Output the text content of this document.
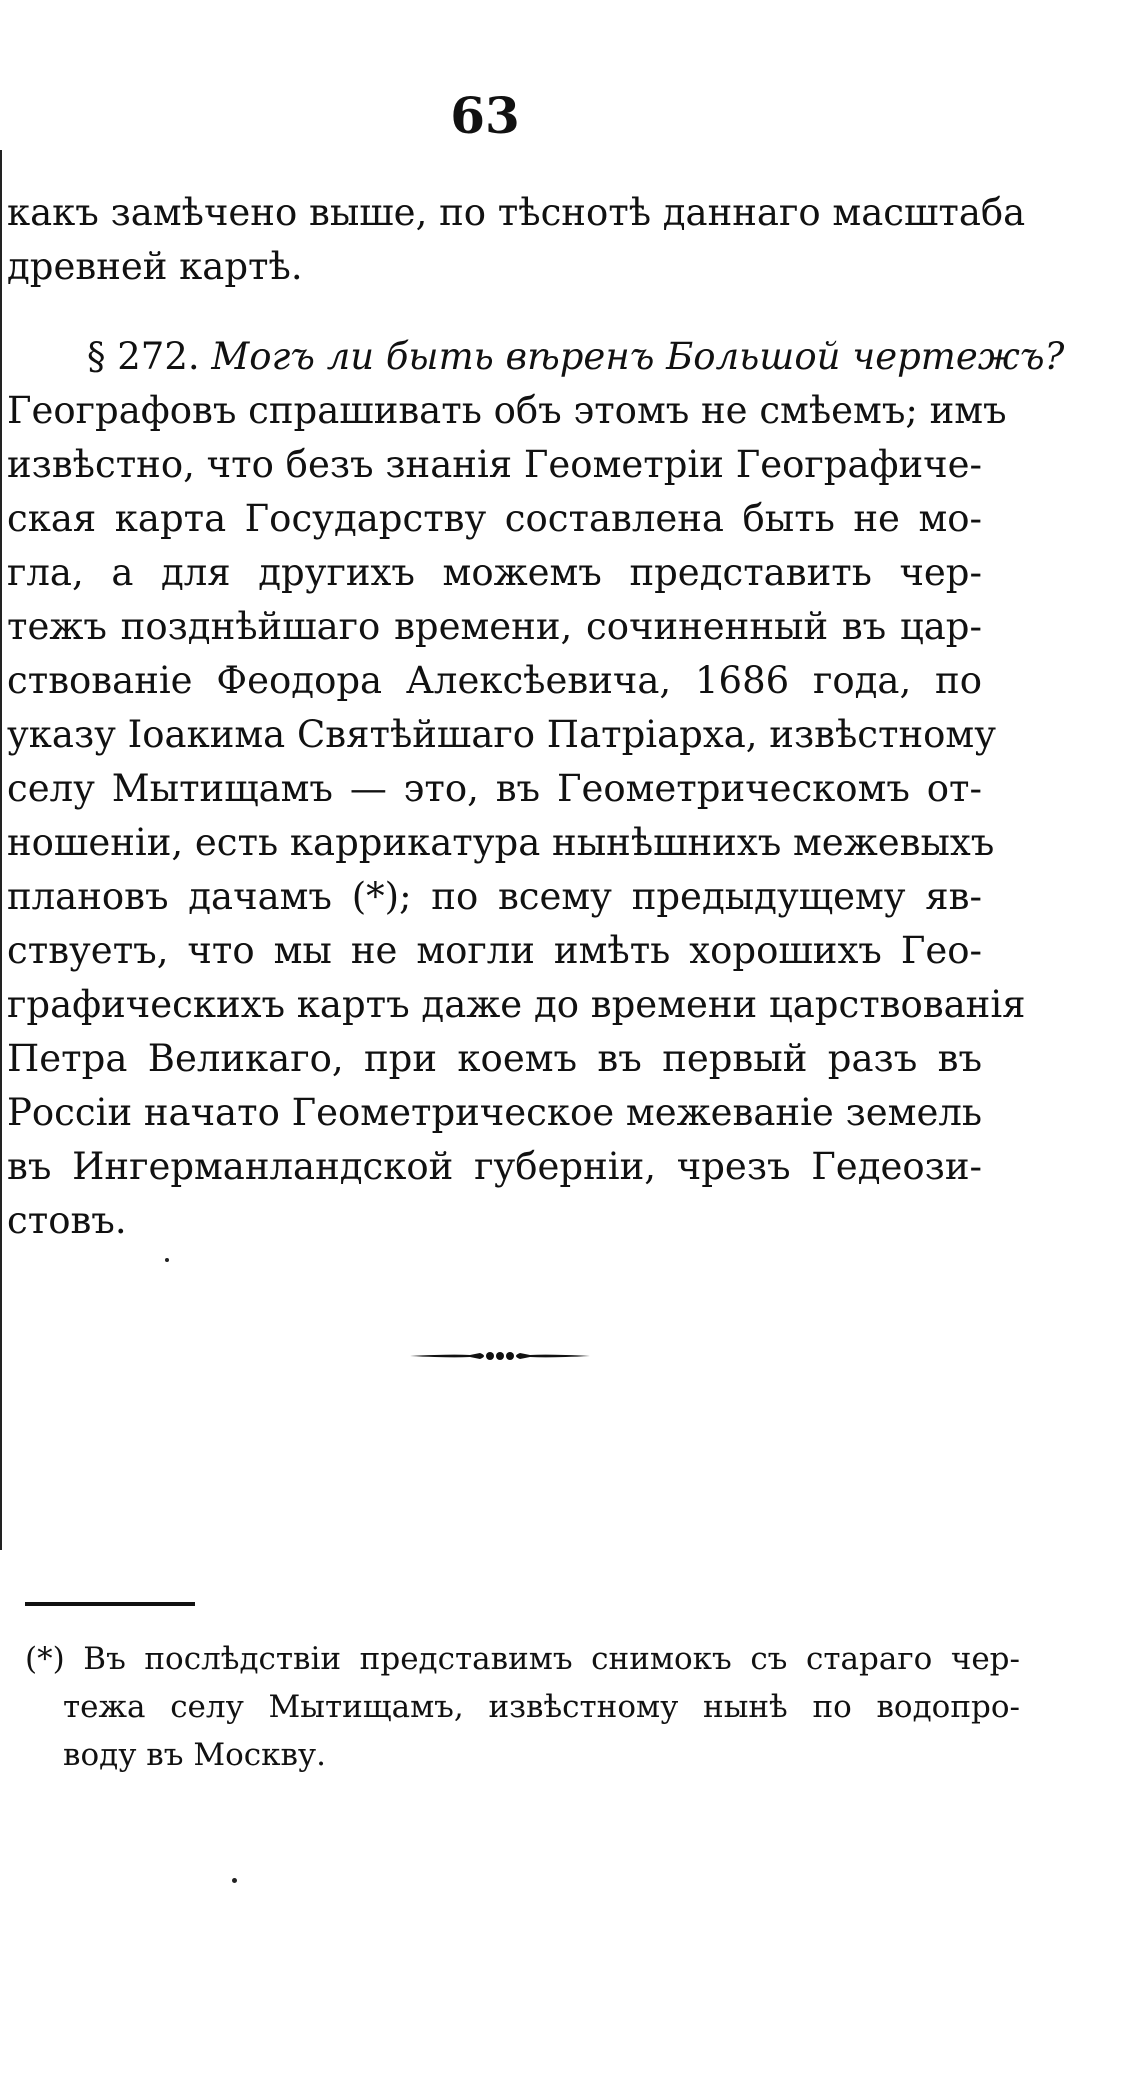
63
какъ замѣчено выше, по тѣснотѣ даннаго масштаба
древней картѣ.
§ 272. Могъ ли быть вѣренъ Большой чертежъ?
Географовъ спрашивать объ этомъ не смѣемъ; имъ
извѣстно, что безъ знанія Геометріи Географиче-
ская карта Государству составлена быть не мо-
гла, а для другихъ можемъ представить чер-
тежъ позднѣйшаго времени, сочиненный въ цар-
ствованіе Феодора Алексѣевича, 1686 года, по
указу Іоакима Святѣйшаго Патріарха, извѣстному
селу Мытищамъ — это, въ Геометрическомъ от-
ношеніи, есть каррикатура нынѣшнихъ межевыхъ
плановъ дачамъ (*); по всему предыдущему яв-
ствуетъ, что мы не могли имѣть хорошихъ Гео-
графическихъ картъ даже до времени царствованія
Петра Великаго, при коемъ въ первый разъ въ
Россіи начато Геометрическое межеваніе земель
въ Ингерманландской губерніи, чрезъ Гедеози-
стовъ.
(*) Въ послѣдствіи представимъ снимокъ съ стараго чер-
тежа селу Мытищамъ, извѣстному нынѣ по водопро-
воду въ Москву.
